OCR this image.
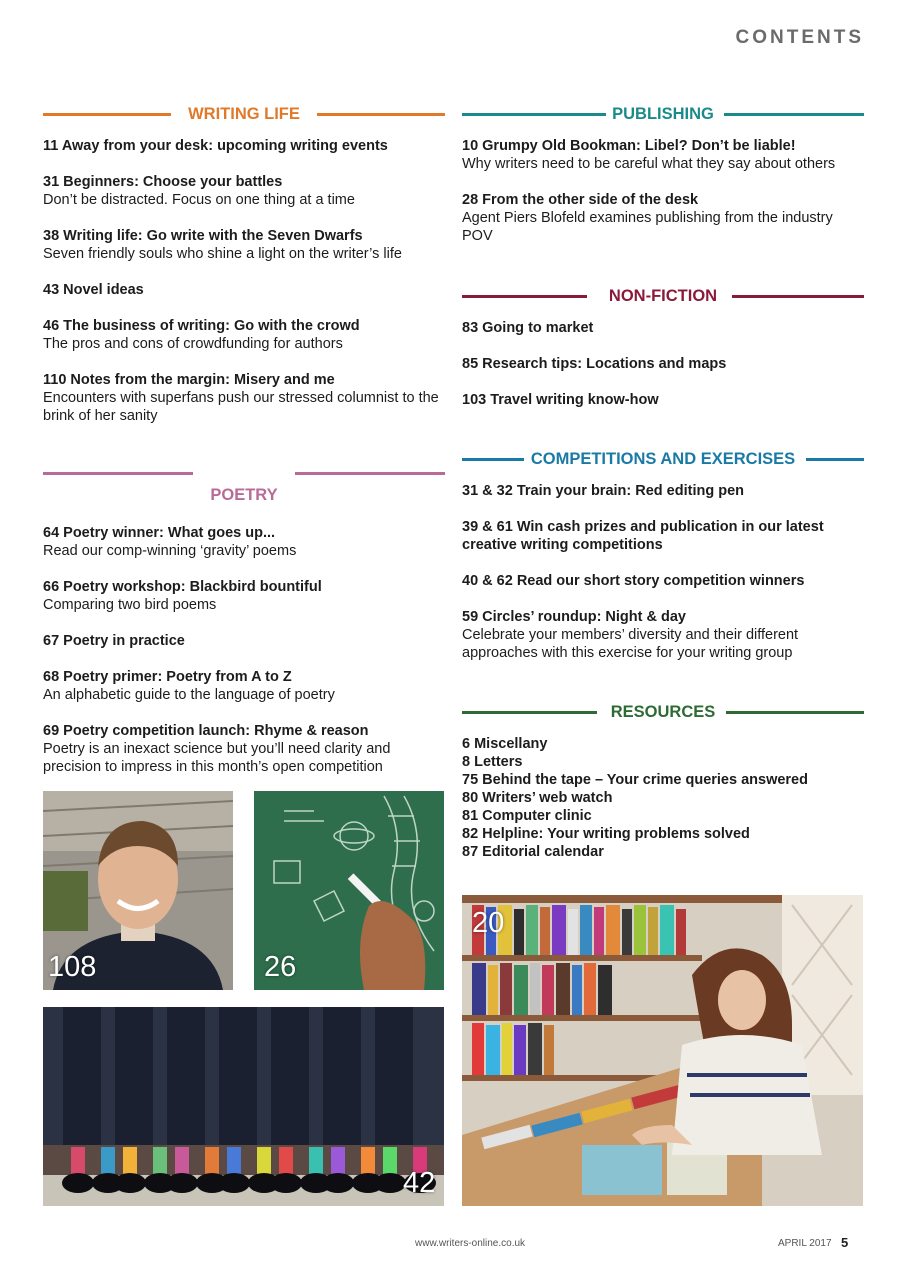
CONTENTS
WRITING LIFE
11 Away from your desk: upcoming writing events
31 Beginners: Choose your battles
Don’t be distracted. Focus on one thing at a time
38 Writing life: Go write with the Seven Dwarfs
Seven friendly souls who shine a light on the writer’s life
43 Novel ideas
46 The business of writing: Go with the crowd
The pros and cons of crowdfunding for authors
110 Notes from the margin: Misery and me
Encounters with superfans push our stressed columnist to the brink of her sanity
POETRY
64 Poetry winner: What goes up...
Read our comp-winning ‘gravity’ poems
66 Poetry workshop: Blackbird bountiful
Comparing two bird poems
67 Poetry in practice
68 Poetry primer: Poetry from A to Z
An alphabetic guide to the language of poetry
69 Poetry competition launch: Rhyme & reason
Poetry is an inexact science but you’ll need clarity and precision to impress in this month’s open competition
PUBLISHING
10 Grumpy Old Bookman: Libel? Don’t be liable!
Why writers need to be careful what they say about others
28 From the other side of the desk
Agent Piers Blofeld examines publishing from the industry POV
NON-FICTION
83 Going to market
85 Research tips: Locations and maps
103 Travel writing know-how
COMPETITIONS AND EXERCISES
31 & 32 Train your brain: Red editing pen
39 & 61 Win cash prizes and publication in our latest creative writing competitions
40 & 62 Read our short story competition winners
59 Circles’ roundup: Night & day
Celebrate your members’ diversity and their different approaches with this exercise for your writing group
RESOURCES
6 Miscellany
8 Letters
75 Behind the tape – Your crime queries answered
80 Writers’ web watch
81 Computer clinic
82 Helpline: Your writing problems solved
87 Editorial calendar
108	26
42
20
www.writers-online.co.uk	APRIL 2017 5
